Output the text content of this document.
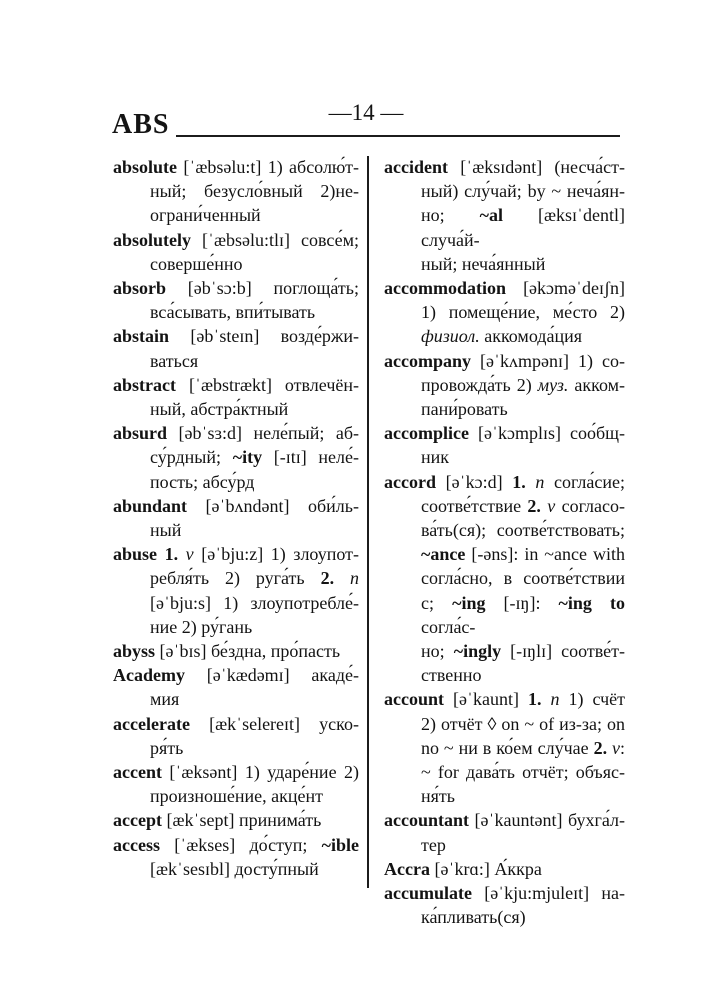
ABS	—14 —
absolute [ˈæbsəlu:t] 1) абсолю́т-
ный; безусло́вный 2)не-
ограни́ченный
absolutely [ˈæbsəlu:tlɪ] совсе́м;
соверше́нно
absorb [əbˈsɔ:b] поглоща́ть;
вса́сывать, впи́тывать
abstain [əbˈsteɪn] возде́ржи-
ваться
abstract [ˈæbstrækt] отвлечён-
ный, абстра́ктный
absurd [əbˈsɜ:d] неле́пый; аб-
су́рдный; ~ity [-ɪtɪ] неле́-
пость; абсу́рд
abundant [əˈbʌndənt] оби́ль-
ный
abuse 1. v [əˈbju:z] 1) злоупот-
ребля́ть 2) руга́ть 2. n
[əˈbju:s] 1) злоупотребле́-
ние 2) ру́гань
abyss [əˈbɪs] бе́здна, про́пасть
Academy [əˈkædəmɪ] акаде́-
мия
accelerate [ækˈselereɪt] уско-
ря́ть
accent [ˈæksənt] 1) ударе́ние 2)
произноше́ние, акце́нт
accept [ækˈsept] принима́ть
access [ˈækses] до́ступ; ~ible
[ækˈsesɪbl] досту́пный
accident [ˈæksɪdənt] (несча́ст-
ный) слу́чай; by ~ неча́ян-
но; ~al [æksɪˈdentl] случа́й-
ный; неча́янный
accommodation [əkɔməˈdeɪʃn]
1) помеще́ние, ме́сто 2)
физиол. аккомода́ция
accompany [əˈkʌmpənɪ] 1) со-
провожда́ть 2) муз. акком-
пани́ровать
accomplice [əˈkɔmplɪs] соо́бщ-
ник
accord [əˈkɔ:d] 1. n согла́сие;
соотве́тствие 2. v согласо-
ва́ть(ся); соотве́тствовать;
~ance [-əns]: in ~ance with
согла́сно, в соотве́тствии
с; ~ing [-ɪŋ]: ~ing to согла́с-
но; ~ingly [-ɪŋlɪ] соотве́т-
ственно
account [əˈkaunt] 1. n 1) счёт
2) отчёт ◊ on ~ of из-за; on
no ~ ни в ко́ем слу́чае 2. v:
~ for дава́ть отчёт; объяс-
ня́ть
accountant [əˈkauntənt] бухга́л-
тер
Accra [əˈkrɑ:] А́ккра
accumulate [əˈkju:mjuleɪt] на-
ка́пливать(ся)
